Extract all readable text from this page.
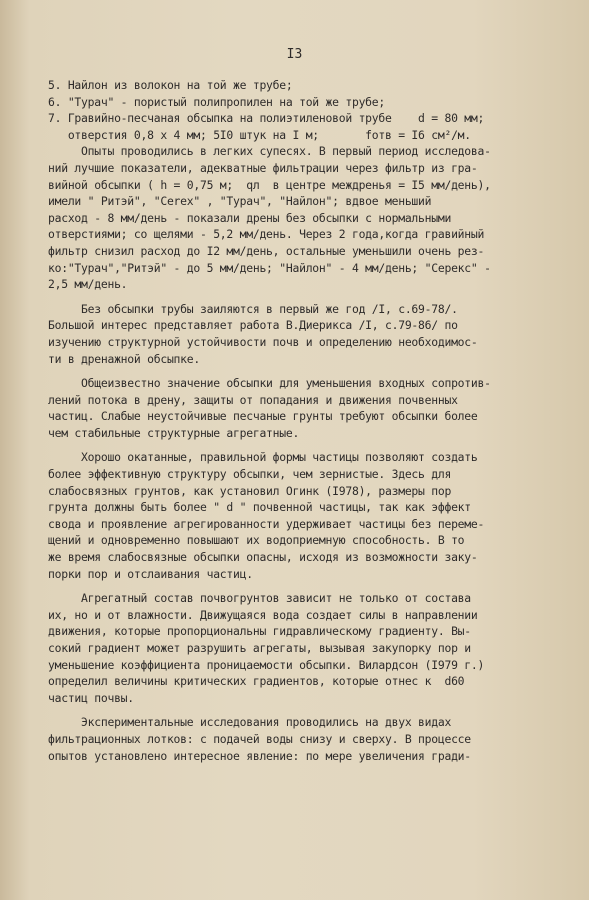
I3
5. Найлон из волокон на той же трубе;
6. "Турач" - пористый полипропилен на той же трубе;
7. Гравийно-песчаная обсыпка на полиэтиленовой трубе    d = 80 мм;
отверстия 0,8 х 4 мм; 5I0 штук на I м;       fотв = I6 см²/м.
Опыты проводились в легких супесях. В первый период исследова-
ний лучшие показатели, адекватные фильтрации через фильтр из гра-
вийной обсыпки ( h = 0,75 м;  qл  в центре междренья = I5 мм/день),
имели " Ритэй", "Cerex" , "Турач", "Найлон"; вдвое меньший
расход - 8 мм/день - показали дрены без обсыпки с нормальными
отверстиями; со щелями - 5,2 мм/день. Через 2 года,когда гравийный
фильтр снизил расход до I2 мм/день, остальные уменьшили очень рез-
ко:"Турач","Ритэй" - до 5 мм/день; "Найлон" - 4 мм/день; "Серекс" -
2,5 мм/день.
Без обсыпки трубы заиляются в первый же год /I, с.69-78/.
Большой интерес представляет работа В.Диерикса /I, с.79-86/ по
изучению структурной устойчивости почв и определению необходимос-
ти в дренажной обсыпке.
Общеизвестно значение обсыпки для уменьшения входных сопротив-
лений потока в дрену, защиты от попадания и движения почвенных
частиц. Слабые неустойчивые песчаные грунты требуют обсыпки более
чем стабильные структурные агрегатные.
Хорошо окатанные, правильной формы частицы позволяют создать
более эффективную структуру обсыпки, чем зернистые. Здесь для
слабосвязных грунтов, как установил Огинк (I978), размеры пор
грунта должны быть более " d " почвенной частицы, так как эффект
свода и проявление агрегированности удерживает частицы без переме-
щений и одновременно повышают их водоприемную способность. В то
же время слабосвязные обсыпки опасны, исходя из возможности заку-
порки пор и отслаивания частиц.
Агрегатный состав почвогрунтов зависит не только от состава
их, но и от влажности. Движущаяся вода создает силы в направлении
движения, которые пропорциональны гидравлическому градиенту. Вы-
сокий градиент может разрушить агрегаты, вызывая закупорку пор и
уменьшение коэффициента проницаемости обсыпки. Вилардсон (I979 г.)
определил величины критических градиентов, которые отнес к  d60
частиц почвы.
Экспериментальные исследования проводились на двух видах
фильтрационных лотков: с подачей воды снизу и сверху. В процессе
опытов установлено интересное явление: по мере увеличения гради-
